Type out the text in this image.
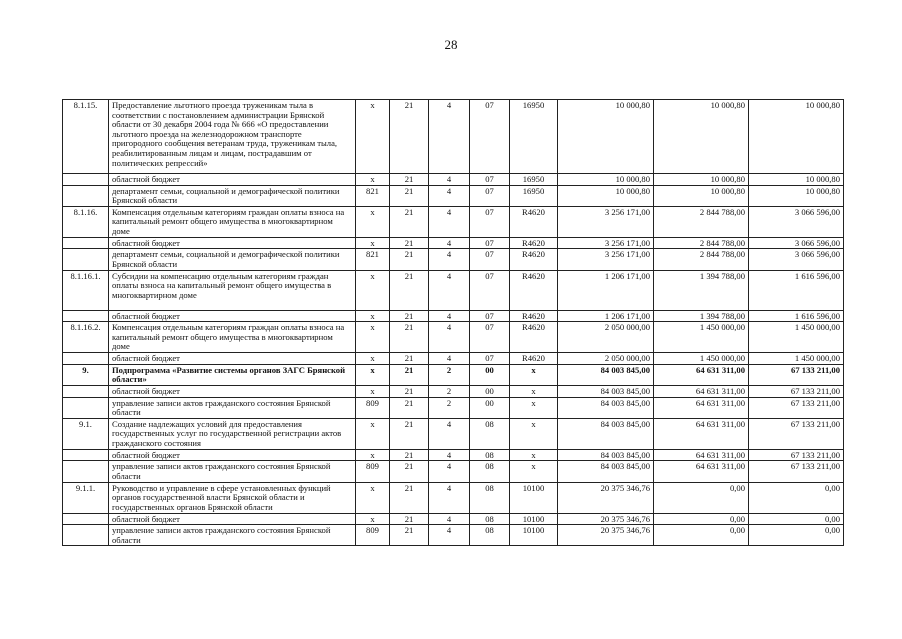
28
8.1.15.	Предоставление льготного проезда труженикам тыла в соответствии с постановлением администрации Брянской области от 30 декабря 2004 года № 666 «О предоставлении льготного проезда на железнодорожном транспорте пригородного сообщения ветеранам труда, труженикам тыла, реабилитированным лицам и лицам, пострадавшим от политических репрессий»	х	21	4	07	16950	10 000,80	10 000,80	10 000,80
	областной бюджет	х	21	4	07	16950	10 000,80	10 000,80	10 000,80
	департамент семьи, социальной и демографической политики Брянской области	821	21	4	07	16950	10 000,80	10 000,80	10 000,80
8.1.16.	Компенсация отдельным категориям граждан оплаты взноса на капитальный ремонт общего имущества в многоквартирном доме	х	21	4	07	R4620	3 256 171,00	2 844 788,00	3 066 596,00
	областной бюджет	х	21	4	07	R4620	3 256 171,00	2 844 788,00	3 066 596,00
	департамент семьи, социальной и демографической политики Брянской области	821	21	4	07	R4620	3 256 171,00	2 844 788,00	3 066 596,00
8.1.16.1.	Субсидии на компенсацию отдельным категориям граждан оплаты взноса на капитальный ремонт общего имущества в многоквартирном доме	х	21	4	07	R4620	1 206 171,00	1 394 788,00	1 616 596,00
	областной бюджет	х	21	4	07	R4620	1 206 171,00	1 394 788,00	1 616 596,00
8.1.16.2.	Компенсация отдельным категориям граждан оплаты взноса на капитальный ремонт общего имущества в многоквартирном доме	х	21	4	07	R4620	2 050 000,00	1 450 000,00	1 450 000,00
	областной бюджет	х	21	4	07	R4620	2 050 000,00	1 450 000,00	1 450 000,00
9.	Подпрограмма «Развитие системы органов ЗАГС Брянской области»	х	21	2	00	х	84 003 845,00	64 631 311,00	67 133 211,00
	областной бюджет	х	21	2	00	х	84 003 845,00	64 631 311,00	67 133 211,00
	управление записи актов гражданского состояния Брянской области	809	21	2	00	х	84 003 845,00	64 631 311,00	67 133 211,00
9.1.	Создание надлежащих условий для предоставления государственных услуг по государственной регистрации актов гражданского состояния	х	21	4	08	х	84 003 845,00	64 631 311,00	67 133 211,00
	областной бюджет	х	21	4	08	х	84 003 845,00	64 631 311,00	67 133 211,00
	управление записи актов гражданского состояния Брянской области	809	21	4	08	х	84 003 845,00	64 631 311,00	67 133 211,00
9.1.1.	Руководство и управление в сфере установленных функций органов государственной власти Брянской области и государственных органов Брянской области	х	21	4	08	10100	20 375 346,76	0,00	0,00
	областной бюджет	х	21	4	08	10100	20 375 346,76	0,00	0,00
	управление записи актов гражданского состояния Брянской области	809	21	4	08	10100	20 375 346,76	0,00	0,00
